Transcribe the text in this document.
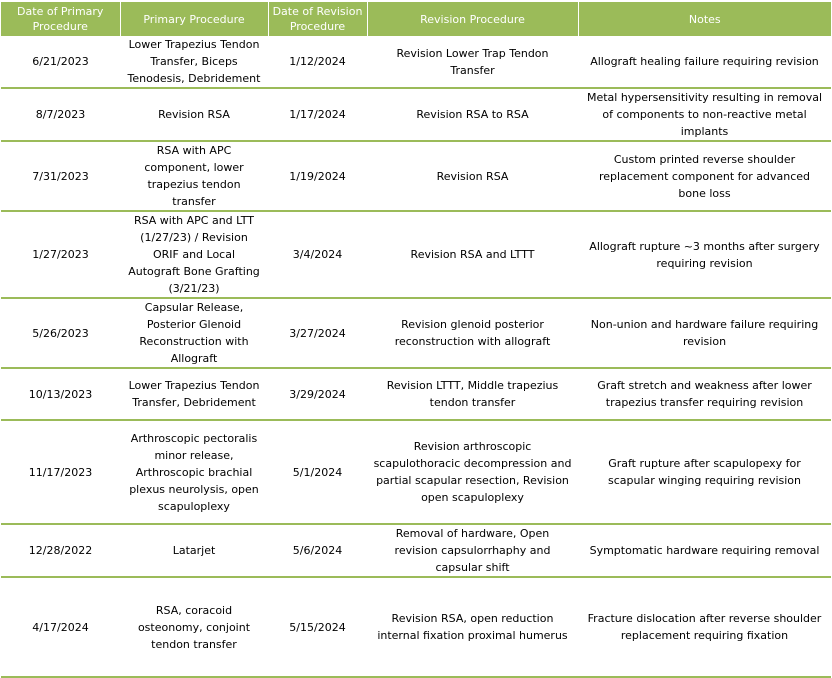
Date of Primary Procedure	Primary Procedure	Date of Revision Procedure	Revision Procedure	Notes
6/21/2023	Lower Trapezius Tendon Transfer, Biceps Tenodesis, Debridement	1/12/2024	Revision Lower Trap Tendon Transfer	Allograft healing failure requiring revision
8/7/2023	Revision RSA	1/17/2024	Revision RSA to RSA	Metal hypersensitivity resulting in removal of components to non-reactive metal implants
7/31/2023	RSA with APC component, lower trapezius tendon transfer	1/19/2024	Revision RSA	Custom printed reverse shoulder replacement component for advanced bone loss
1/27/2023	RSA with APC and LTT (1/27/23) / Revision ORIF and Local Autograft Bone Grafting (3/21/23)	3/4/2024	Revision RSA and LTTT	Allograft rupture ~3 months after surgery requiring revision
5/26/2023	Capsular Release, Posterior Glenoid Reconstruction with Allograft	3/27/2024	Revision glenoid posterior reconstruction with allograft	Non-union and hardware failure requiring revision
10/13/2023	Lower Trapezius Tendon Transfer, Debridement	3/29/2024	Revision LTTT, Middle trapezius tendon transfer	Graft stretch and weakness after lower trapezius transfer requiring revision
11/17/2023	Arthroscopic pectoralis minor release, Arthroscopic brachial plexus neurolysis, open scapuloplexy	5/1/2024	Revision arthroscopic scapulothoracic decompression and partial scapular resection, Revision open scapuloplexy	Graft rupture after scapulopexy for scapular winging requiring revision
12/28/2022	Latarjet	5/6/2024	Removal of hardware, Open revision capsulorrhaphy and capsular shift	Symptomatic hardware requiring removal
4/17/2024	RSA, coracoid osteonomy, conjoint tendon transfer	5/15/2024	Revision RSA, open reduction internal fixation proximal humerus	Fracture dislocation after reverse shoulder replacement requiring fixation
